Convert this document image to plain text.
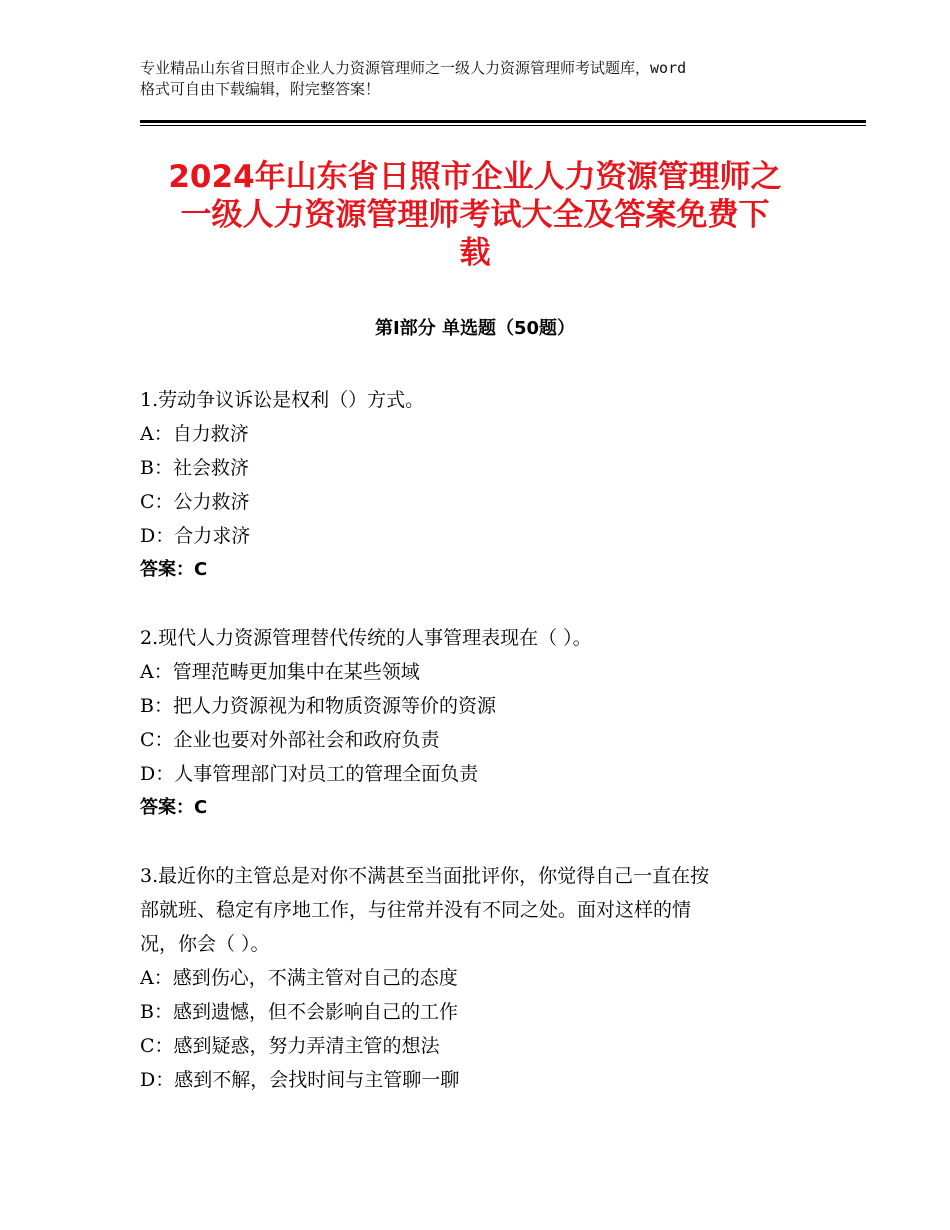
专业精品山东省日照市企业人力资源管理师之一级人力资源管理师考试题库，word
格式可自由下载编辑，附完整答案！
2024年山东省日照市企业人力资源管理师之
一级人力资源管理师考试大全及答案免费下
载
第Ⅰ部分 单选题（50题）

1.劳动争议诉讼是权利（）方式。

A：自力救济

B：社会救济

C：公力救济

D：合力求济

答案：C

2.现代人力资源管理替代传统的人事管理表现在（ ）。

A：管理范畴更加集中在某些领域

B：把人力资源视为和物质资源等价的资源

C：企业也要对外部社会和政府负责

D：人事管理部门对员工的管理全面负责

答案：C

3.最近你的主管总是对你不满甚至当面批评你，你觉得自己一直在按

部就班、稳定有序地工作，与往常并没有不同之处。面对这样的情

况，你会（ ）。

A：感到伤心，不满主管对自己的态度

B：感到遗憾，但不会影响自己的工作

C：感到疑惑，努力弄清主管的想法

D：感到不解，会找时间与主管聊一聊
